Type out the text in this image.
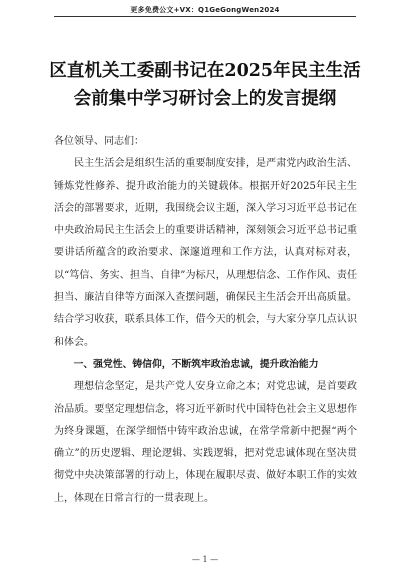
更多免费公文+VX：Q1GeGongWen2024
区直机关工委副书记在2025年民主生活
会前集中学习研讨会上的发言提纲

各位领导、同志们：

民主生活会是组织生活的重要制度安排，是严肃党内政治生活、锤炼党性修养、提升政治能力的关键载体。根据开好2025年民主生活会的部署要求，近期，我围绕会议主题，深入学习习近平总书记在中央政治局民主生活会上的重要讲话精神，深刻领会习近平总书记重要讲话所蕴含的政治要求、深邃道理和工作方法，认真对标对表，以“笃信、务实、担当、自律”为标尺，从理想信念、工作作风、责任担当、廉洁自律等方面深入查摆问题，确保民主生活会开出高质量。结合学习收获，联系具体工作，借今天的机会，与大家分享几点认识和体会。

一、强党性、铸信仰，不断筑牢政治忠诚，提升政治能力

理想信念坚定，是共产党人安身立命之本；对党忠诚，是首要政治品质。要坚定理想信念，将习近平新时代中国特色社会主义思想作为终身课题，在深学细悟中铸牢政治忠诚，在常学常新中把握“两个确立”的历史逻辑、理论逻辑、实践逻辑，把对党忠诚体现在坚决贯彻党中央决策部署的行动上，体现在履职尽责、做好本职工作的实效上，体现在日常言行的一贯表现上。

— 1 —
